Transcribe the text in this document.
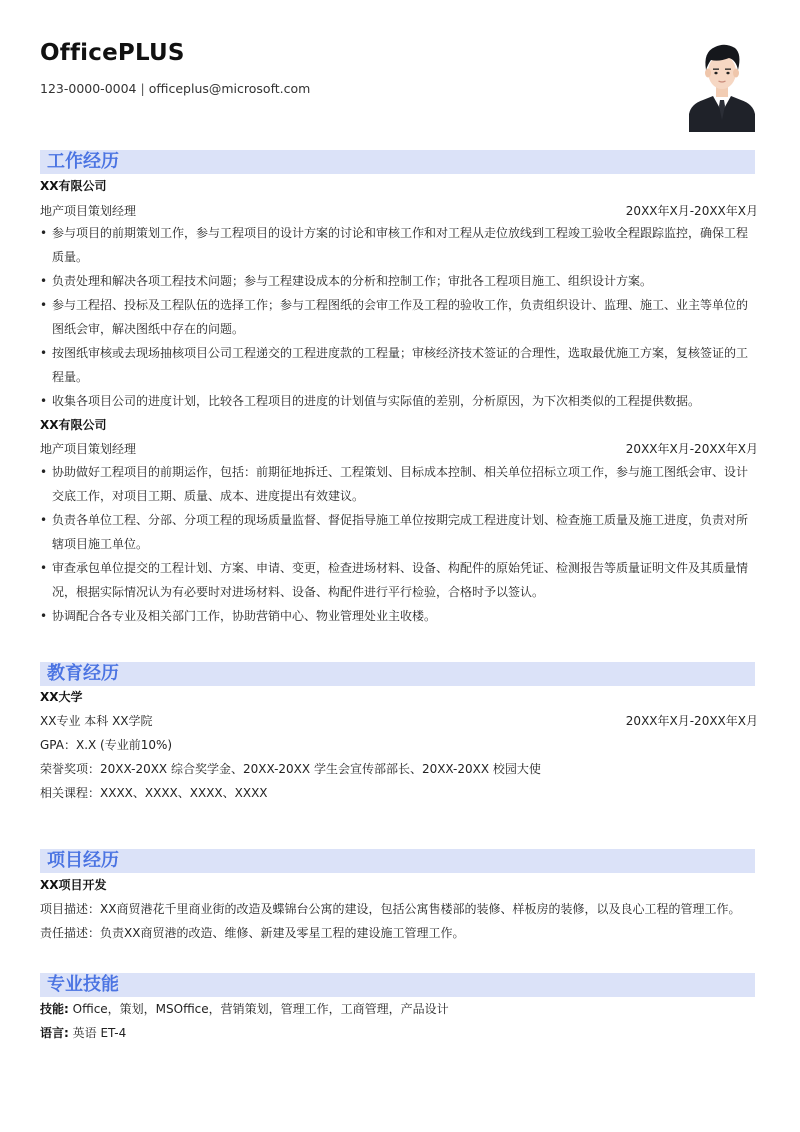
OfficePLUS
123-0000-0004 | officeplus@microsoft.com
工作经历
XX有限公司
地产项目策划经理	20XX年X月-20XX年X月
• 参与项目的前期策划工作，参与工程项目的设计方案的讨论和审核工作和对工程从走位放线到工程竣工验收全程跟踪监控，确保工程质量。
• 负责处理和解决各项工程技术问题；参与工程建设成本的分析和控制工作；审批各工程项目施工、组织设计方案。
• 参与工程招、投标及工程队伍的选择工作；参与工程图纸的会审工作及工程的验收工作，负责组织设计、监理、施工、业主等单位的图纸会审，解决图纸中存在的问题。
• 按图纸审核或去现场抽核项目公司工程递交的工程进度款的工程量；审核经济技术签证的合理性，选取最优施工方案，复核签证的工程量。
• 收集各项目公司的进度计划，比较各工程项目的进度的计划值与实际值的差别，分析原因，为下次相类似的工程提供数据。
XX有限公司
地产项目策划经理	20XX年X月-20XX年X月
• 协助做好工程项目的前期运作，包括：前期征地拆迁、工程策划、目标成本控制、相关单位招标立项工作，参与施工图纸会审、设计交底工作，对项目工期、质量、成本、进度提出有效建议。
• 负责各单位工程、分部、分项工程的现场质量监督、督促指导施工单位按期完成工程进度计划、检查施工质量及施工进度，负责对所辖项目施工单位。
• 审查承包单位提交的工程计划、方案、申请、变更，检查进场材料、设备、构配件的原始凭证、检测报告等质量证明文件及其质量情况，根据实际情况认为有必要时对进场材料、设备、构配件进行平行检验，合格时予以签认。
• 协调配合各专业及相关部门工作，协助营销中心、物业管理处业主收楼。
教育经历
XX大学
XX专业 本科 XX学院	20XX年X月-20XX年X月
GPA：X.X (专业前10%)
荣誉奖项：20XX-20XX 综合奖学金、20XX-20XX 学生会宣传部部长、20XX-20XX 校园大使
相关课程：XXXX、XXXX、XXXX、XXXX
项目经历
XX项目开发
项目描述：XX商贸港花千里商业街的改造及蝶锦台公寓的建设，包括公寓售楼部的装修、样板房的装修，以及良心工程的管理工作。
责任描述：负责XX商贸港的改造、维修、新建及零星工程的建设施工管理工作。
专业技能
技能: Office，策划，MSOffice，营销策划，管理工作，工商管理，产品设计
语言: 英语 ET-4
